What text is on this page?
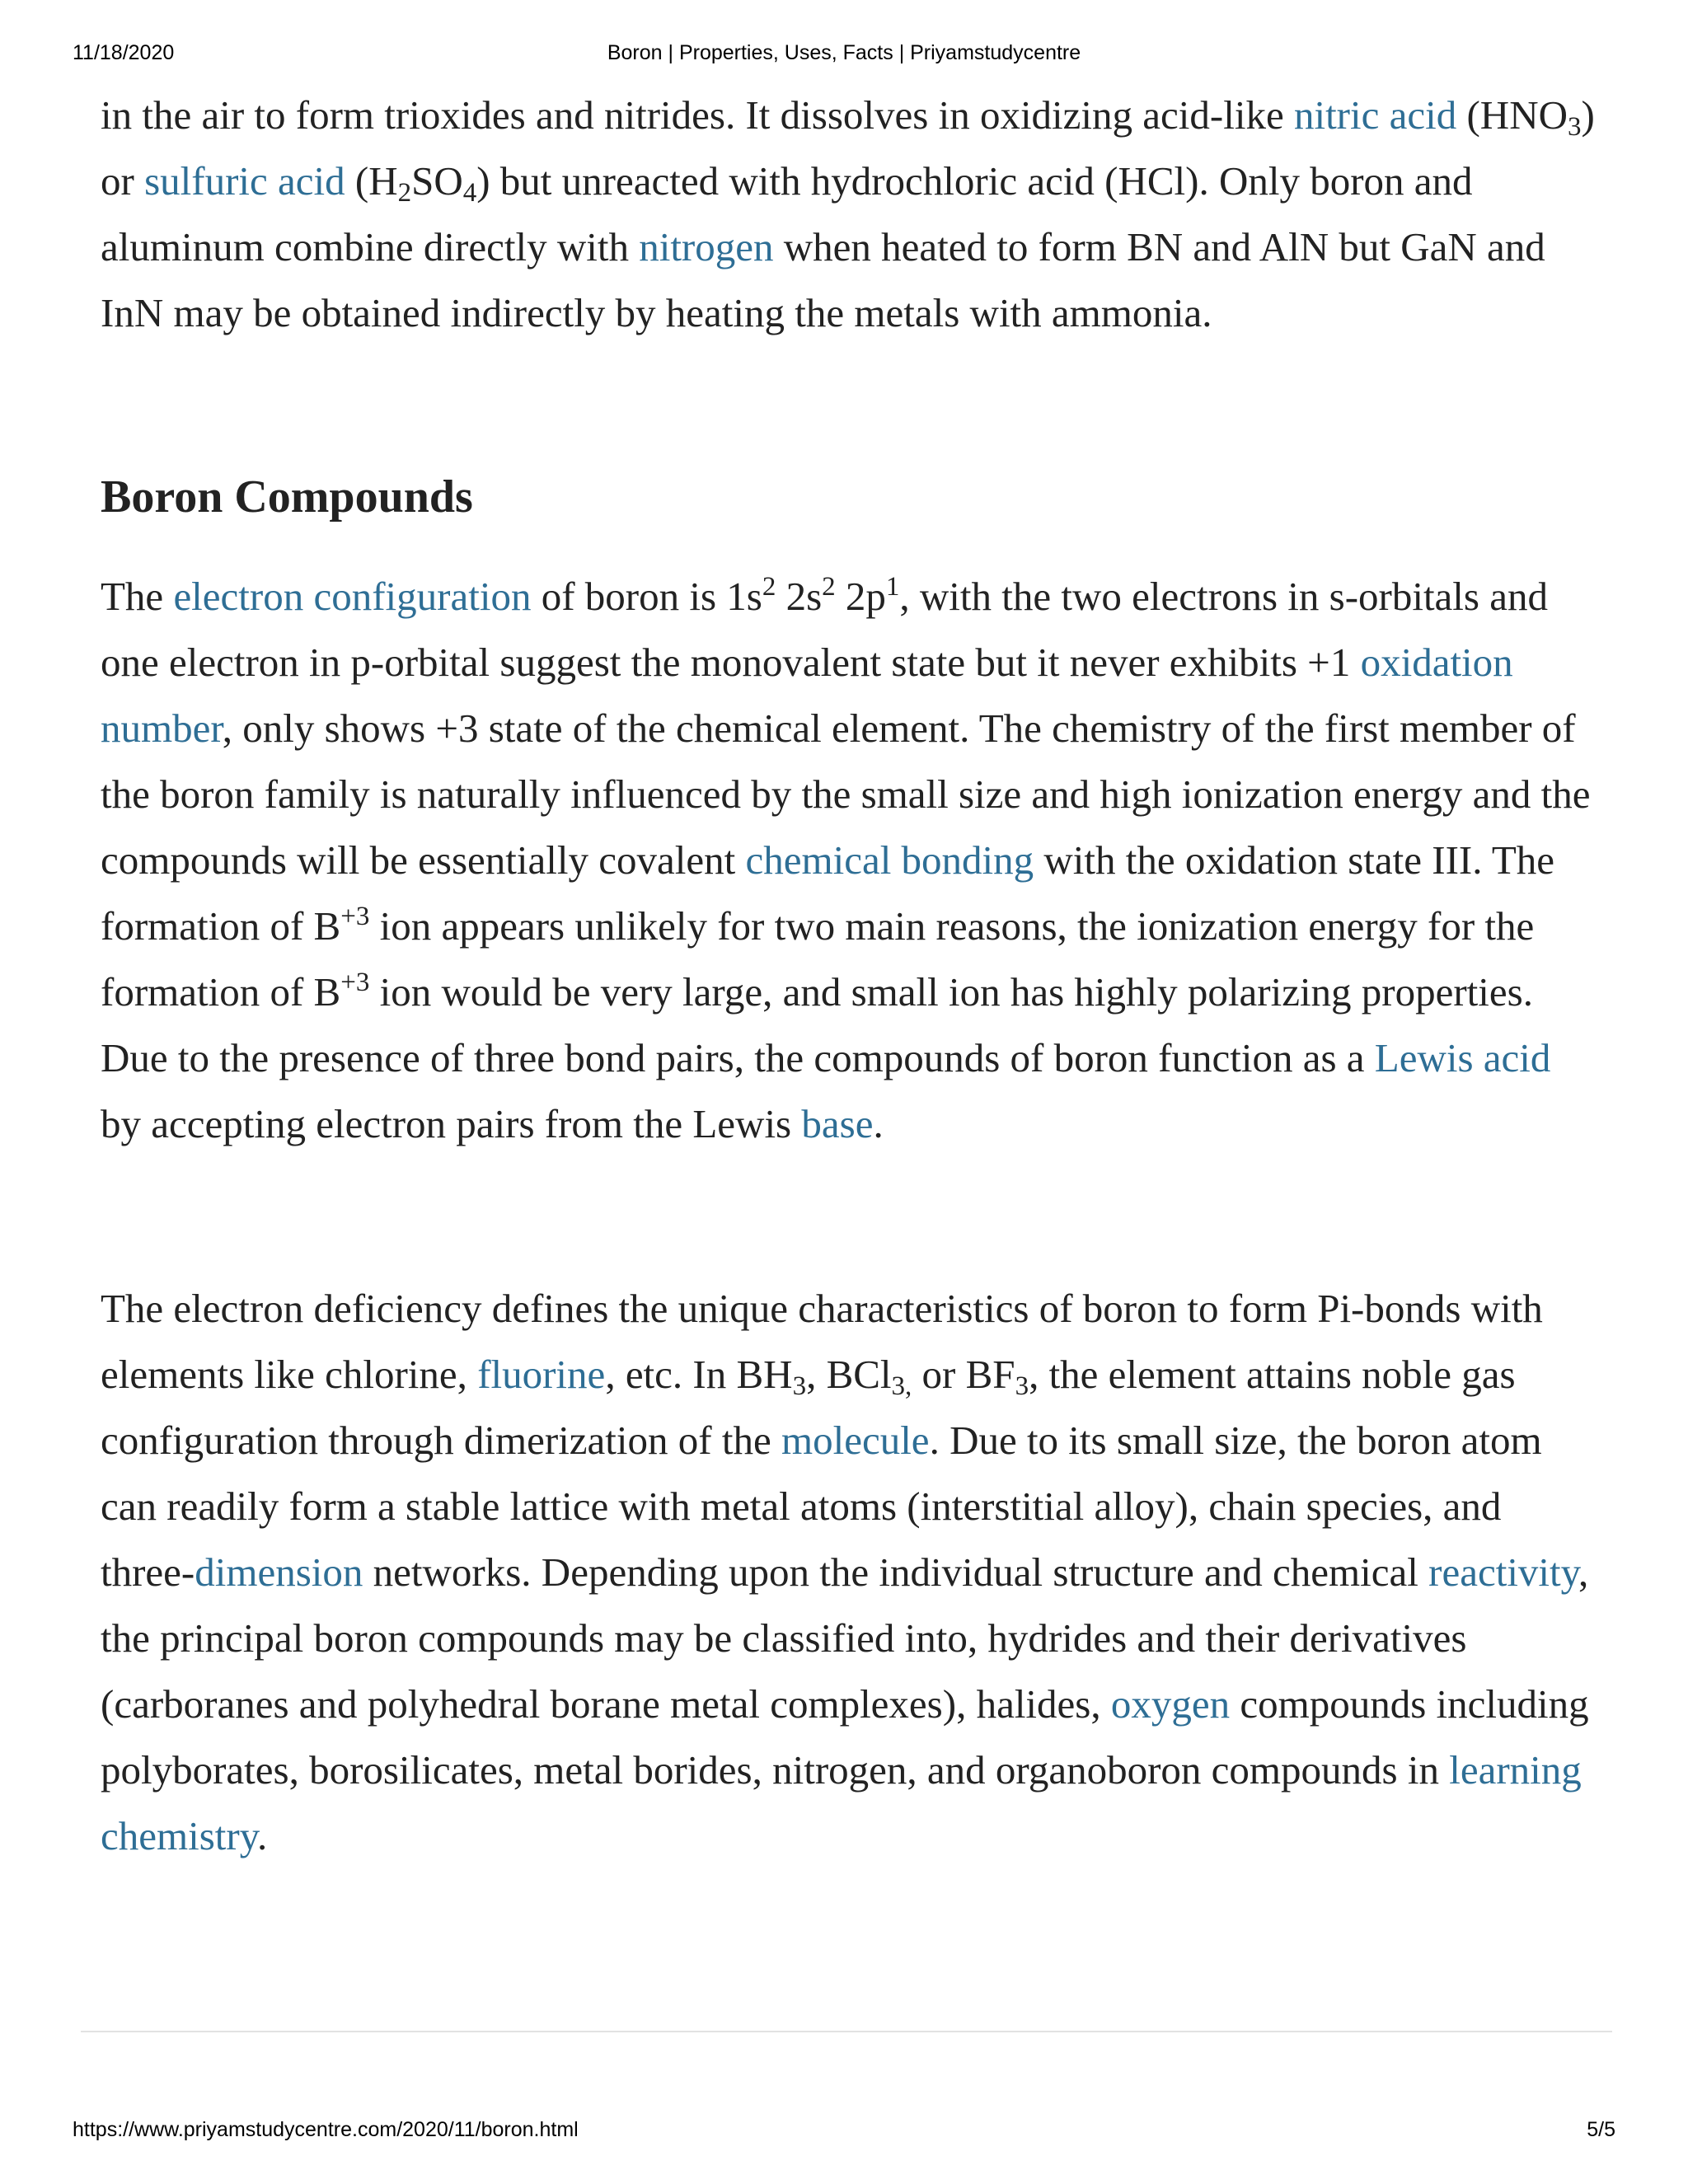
11/18/2020	Boron | Properties, Uses, Facts | Priyamstudycentre

in the air to form trioxides and nitrides. It dissolves in oxidizing acid-like nitric acid $(HNO_3)$ or sulfuric acid $(H_2SO_4)$ but unreacted with hydrochloric acid (HCl). Only boron and aluminum combine directly with nitrogen when heated to form BN and AlN but GaN and InN may be obtained indirectly by heating the metals with ammonia.

Boron Compounds

The electron configuration of boron is $1s^2$ $2s^2$ $2p^1$, with the two electrons in s-orbitals and one electron in p-orbital suggest the monovalent state but it never exhibits +1 oxidation number, only shows +3 state of the chemical element. The chemistry of the first member of the boron family is naturally influenced by the small size and high ionization energy and the compounds will be essentially covalent chemical bonding with the oxidation state III. The formation of $B^{+3}$ ion appears unlikely for two main reasons, the ionization energy for the formation of $B^{+3}$ ion would be very large, and small ion has highly polarizing properties. Due to the presence of three bond pairs, the compounds of boron function as a Lewis acid by accepting electron pairs from the Lewis base.

The electron deficiency defines the unique characteristics of boron to form Pi-bonds with elements like chlorine, fluorine, etc. In $BH_3$, BCl$_{3,}$ or $BF_3$, the element attains noble gas configuration through dimerization of the molecule. Due to its small size, the boron atom can readily form a stable lattice with metal atoms (interstitial alloy), chain species, and three-dimension networks. Depending upon the individual structure and chemical reactivity, the principal boron compounds may be classified into, hydrides and their derivatives (carboranes and polyhedral borane metal complexes), halides, oxygen compounds including polyborates, borosilicates, metal borides, nitrogen, and organoboron compounds in learning chemistry.

https://www.priyamstudycentre.com/2020/11/boron.html	5/5
